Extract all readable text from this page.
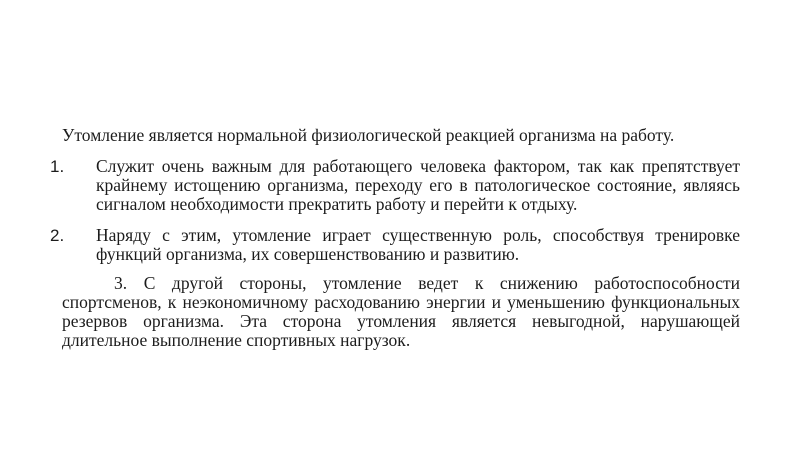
Утомление является нормальной физиологической реакцией организма на работу.

1. Служит очень важным для работающего человека фактором, так как препятствует крайнему истощению организма, переходу его в патологическое состояние, являясь сигналом необходимости прекратить работу и перейти к отдыху.
2. Наряду с этим, утомление играет существенную роль, способствуя тренировке функций организма, их совершенствованию и развитию.

3. С другой стороны, утомление ведет к снижению работоспособности спортсменов, к неэкономичному расходованию энергии и уменьшению функциональных резервов организма. Эта сторона утомления является невыгодной, нарушающей длительное выполнение спортивных нагрузок.
